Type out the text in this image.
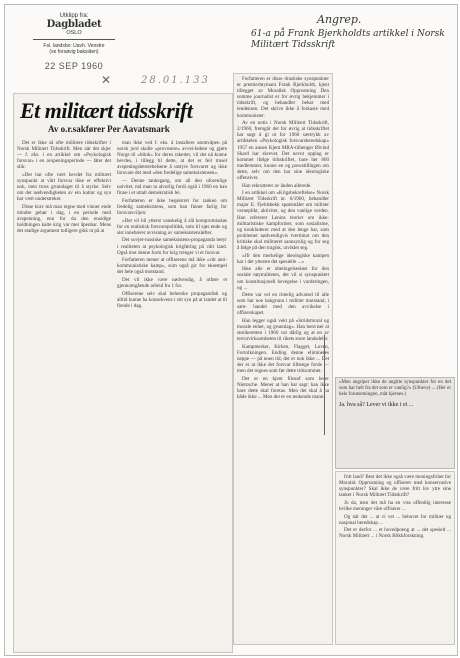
Utklipp fra:
Dagbladet
OSLO
Fsl. landsbo: Uavh. Venstre
(se forsøvig baksiden)
22 SEP 1960
Angrep.
61-a på Frank Bjerkholdts artikkel i Norsk Militært Tidsskrift
✕	28.01.133
Et militært tidsskrift
Av o.r.sakfører Per Aavatsmark

Det er ikke så ofte militære tidsskrifter i Norsk Militært Tidsskrift. Men når det skjer — f. eks. i en artikkel om «Psykologisk forsvar» i en avspeningsperiode — låter det slik:

«Det har ofte vært hevdet fra militært synspunkt at vårt forsvar ikke er effektivt nok, men tross grunnlaget til å styrke. Selv om det nødvendigheten av ein kultur og syn har vært understreket.

Disse krav må man regne med vinner ende mindre gehør i dag, i en periode med avspenning, enn for da den ensidige holdningen kalte krig var mer åpenbar. Mens det stadige argument tolligere gikk ut på at

man ikke ved f. eks. å installere atomvåpen på norsk jord skulle «provosere» avvei-ledere og gjøre Norge til «blink» for deres raketter, vil det nå kunne hevdes, i tillegg til dette, at det er feil trusel avspeningsbestrebelsene å utstyre forsvaret og ikke forsvare det med «den fredelige sameksistensen».

— Denne tankegang, om all den uforenlige naivitet, må man ta alvorlig fordi også i 1960 en kan finne i et uttalt demokratisk lei.

Forfatteren er ikke begeistret for tanken om fredelig sameksistens, som han finner farlig for forsvarsviljen:

«Det vil bli ytterst vanskelig å slå kompromissløs for en realistisk forsvarspolitikk, som til sjøs ende og sist innebærer avvisning av sameksistensløfter.

Det sovjet-russiske sameksistens-propaganda betyr i realiteten at psykologisk krigføring på vårt land. Også mot denne form for krig trenger vi et forsvar.

Forfatteren mener at offiserene må ikke «vår anti-kommunistiske kamp», som også gir for eksempel det hele også motstand.

Det vil ikke være nødvendig, å utføre et gjennomgående arbeid fra 1 for.

Offiserene selv skal beherske propagandisk og alltid kunne ha konsekvens i sitt syn på at landet at til fiende i dag.

Forfatteren er disse drastiske synspunkter er premierløytnant Frank Bjerkholdt, kjent tillegget av Morallsk Opprustning Den somme journalist er for øvrig bekjemmer i tidsskrift, og behandler behar med tendensen. Det skrive ikke å forkaste med kommunister.

Av en notis i Norsk Militært Tidsskrift, 2/1960, fremgår det for øvrig at tidsskriftet har søgt å gi ut for 1960 særtrykk av artikkelen «Psykologisk forsvarsberedskap» 1957 en annen Kjent MRA-tilhenger Øivind Skard har skrevet. Det nevnt opplag er kommet ifølge tidsskriftet, bare her 800 medlemmer, kunne en og pavestillingen om dette, selv om den har sine ideologiske offensiver.

Han rekrutterer av ånden allerede.

I en artikkel om «Krigsbekreftelse» Norsk Militært Tidsskrift nr. 6/1960, behandler major E. Fjeldsbekk spørsmålet om militær verneplikt, aktivitet, og den vanlige verden. Han refererer Lenins teorier om ikke-militaristiske kampformer, som sosialisme, og konkluderer med at den lenge har, som problemet nødvendigvis tvertimot om den kritiske skal militæret sannsynlig og for seg å følge på den tragisk, utviklet seg.

«Jfr den merkelige ideologiske kampen har i det ytterste det spesielle ...»

Ikke alle er ubetingelsesløst for den sosiale nøytraliteten, det vil si synspunktet om konstitusjonell bevegelse i vurderingen, og ...

Dette var vel en rimelig advarsel til alle som har noe bakgrunn i militær motstand, i sam- handel med den avvikelse i offiserskapet.

Han legger også vekt på «Stridsmoral og morale enhet, og grunnlag». Han henviser at streikeretten i 1960 var dårlig og at en av terrorvirksomheten til rikets store landsdeler.

Kampmerker, Kirken, Flagget, Loven, Fortolkningen. Ending denne elimineres neppe — på noen tid, det er nok ikke ... Det der er at ikke det forsvar tilhenge forde — men det regnes som før dette tidsrommet.

Det er en kjent filosof som heter Nietzsche. Mener at han har sagt: han ikke bare dette skal foretas. Men det skal å ha både ikke ... Men det er en tenkende mann.

«Men angriper ikke de angitte synspunkter for en del som har helt fra det som er vanlig?» (Utheve) ... (Her er hele forutsetningen, måt kjernes.)
Ja. hva så? Lever vi ikke i et ...

fritt land? Best det ikke også være meningsfrihet for Moralsk Opprustning og offiserer med konservative synspunkter? Skal ikke de være fritt lov ytre sine tanker i Norsk Militært Tidsskrift?

Jo da, men det må ha en viss offentlig interesse hvilke meninger våre offiserer ...

Og når det ... at vi vet ... behovet for militær og nasjonal beredskap ...

Det er derfor ... et hovedpoeng at ... det spesielt ... Norsk Militært ... i Norsk Blikkforskning.
